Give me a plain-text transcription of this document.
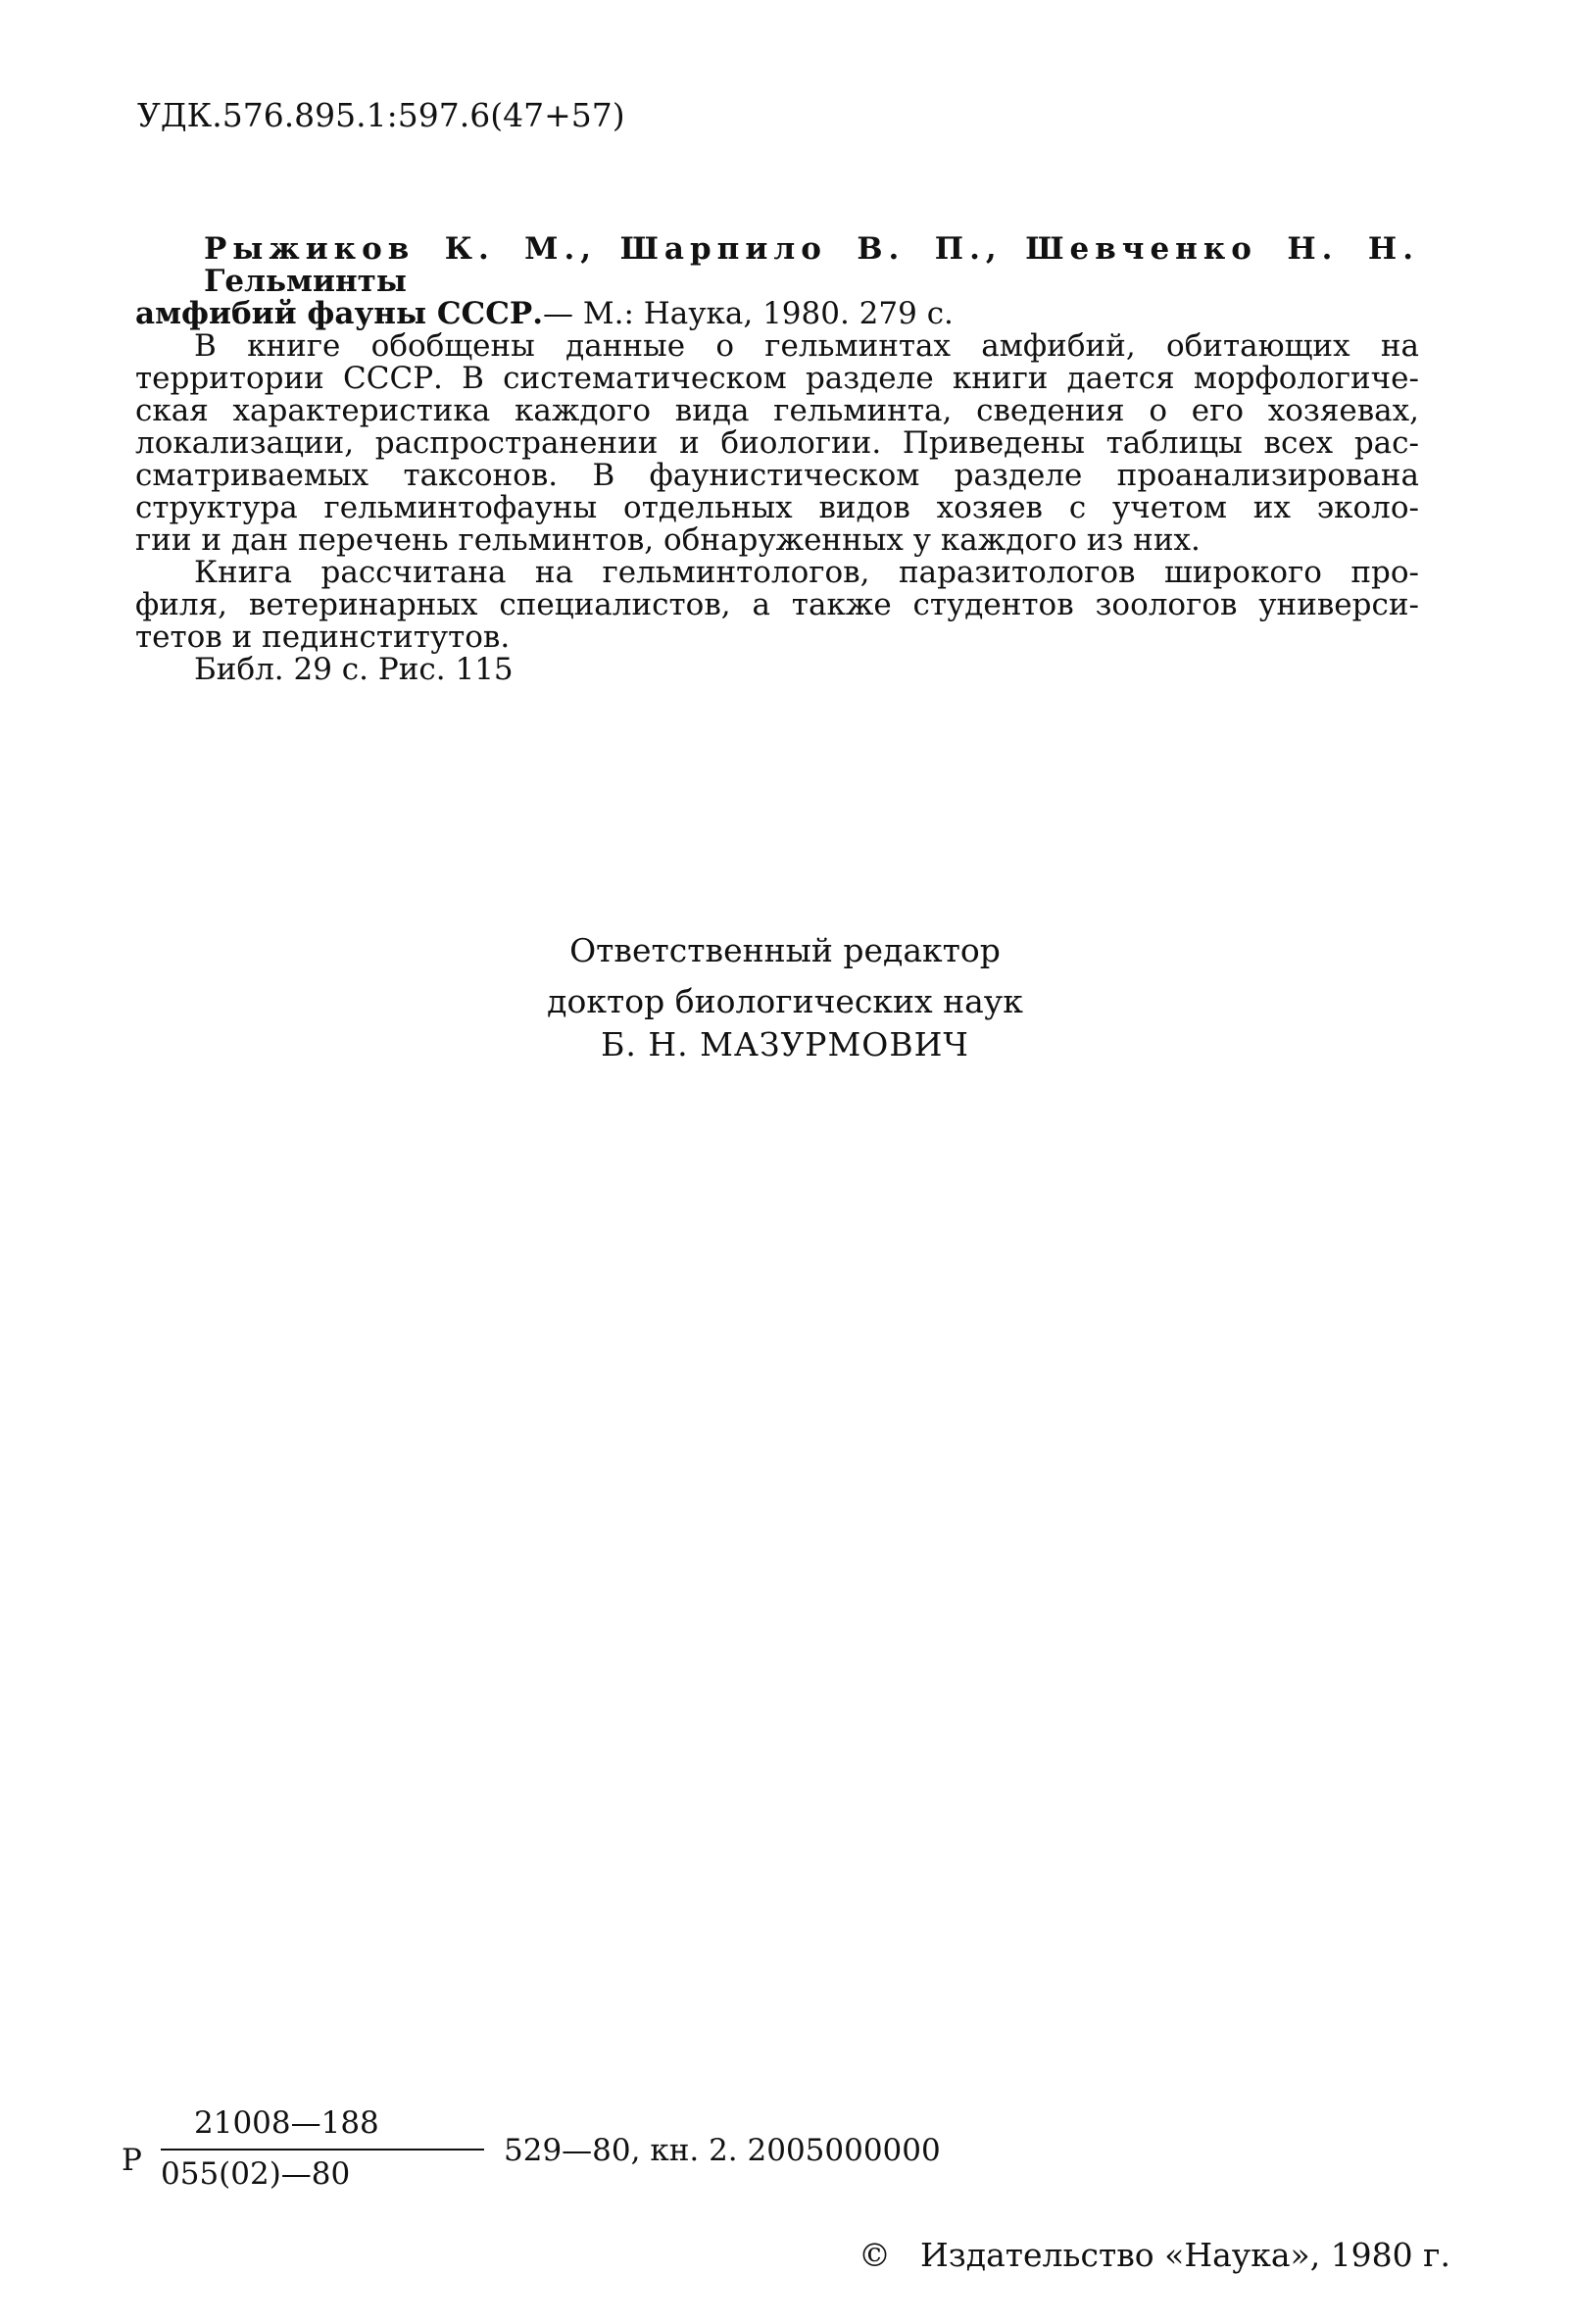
УДК.576.895.1:597.6(47+57)
Рыжиков К. М., Шарпило В. П., Шевченко Н. Н. Гельминты
амфибий фауны СССР.— М.: Наука, 1980. 279 с.
В книге обобщены данные о гельминтах амфибий, обитающих на
территории СССР. В систематическом разделе книги дается морфологиче-
ская характеристика каждого вида гельминта, сведения о его хозяевах,
локализации, распространении и биологии. Приведены таблицы всех рас-
сматриваемых таксонов. В фаунистическом разделе проанализирована
структура гельминтофауны отдельных видов хозяев с учетом их эколо-
гии и дан перечень гельминтов, обнаруженных у каждого из них.
Книга рассчитана на гельминтологов, паразитологов широкого про-
филя, ветеринарных специалистов, а также студентов зоологов универси-
тетов и пединститутов.
Библ. 29 с. Рис. 115
Ответственный редактор
доктор биологических наук
Б. Н. МАЗУРМОВИЧ
Р
21008—188
055(02)—80
529—80, кн. 2. 2005000000
© Издательство «Наука», 1980 г.
